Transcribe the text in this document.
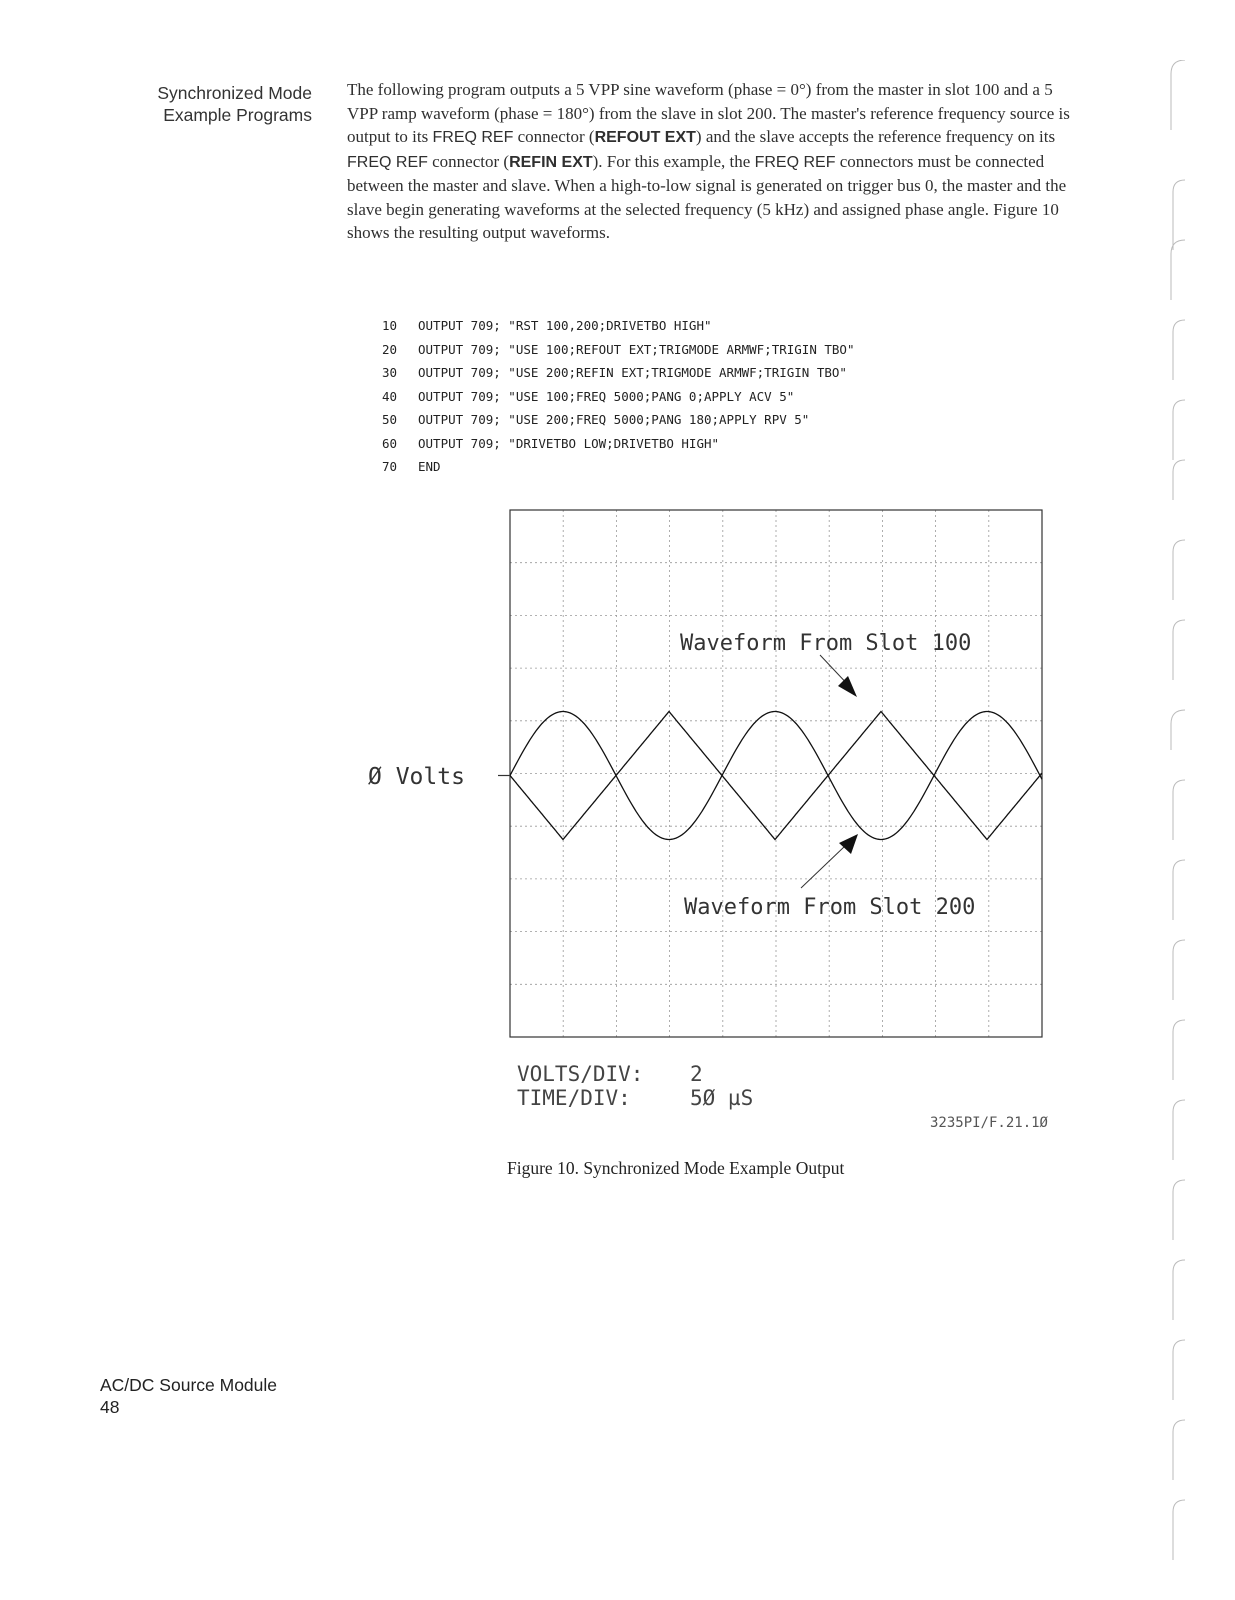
Synchronized Mode
Example Programs

The following program outputs a 5 VPP sine waveform (phase = 0°) from the master in slot 100 and a 5 VPP ramp waveform (phase = 180°) from the slave in slot 200. The master's reference frequency source is output to its FREQ REF connector (REFOUT EXT) and the slave accepts the reference frequency on its FREQ REF connector (REFIN EXT). For this example, the FREQ REF connectors must be connected between the master and slave. When a high-to-low signal is generated on trigger bus 0, the master and the slave begin generating waveforms at the selected frequency (5 kHz) and assigned phase angle. Figure 10 shows the resulting output waveforms.

10 OUTPUT 709; "RST 100,200;DRIVETBO HIGH"
20 OUTPUT 709; "USE 100;REFOUT EXT;TRIGMODE ARMWF;TRIGIN TBO"
30 OUTPUT 709; "USE 200;REFIN EXT;TRIGMODE ARMWF;TRIGIN TBO"
40 OUTPUT 709; "USE 100;FREQ 5000;PANG 0;APPLY ACV 5"
50 OUTPUT 709; "USE 200;FREQ 5000;PANG 180;APPLY RPV 5"
60 OUTPUT 709; "DRIVETBO LOW;DRIVETBO HIGH"
70 END
Ø Volts
Waveform From Slot 100
Waveform From Slot 200
VOLTS/DIV: 2
TIME/DIV:	5Ø µS
3235PI/F.21.1Ø
Figure 10. Synchronized Mode Example Output
AC/DC Source Module
48
